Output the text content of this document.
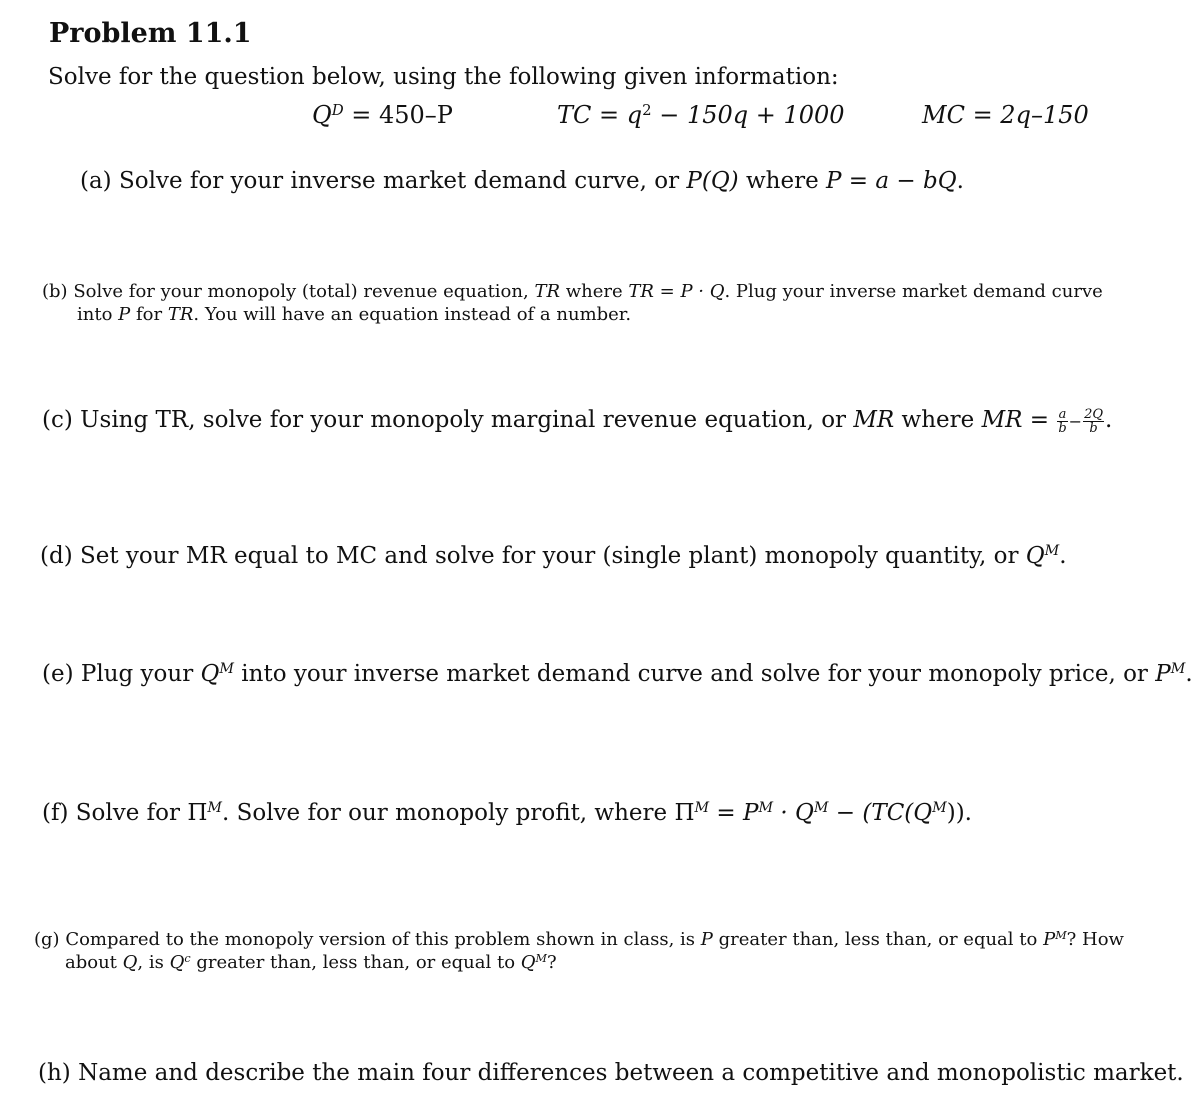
Problem 11.1
Solve for the question below, using the following given information:
$Q^D = 450-P$	TC = $q^2 - 150q + 1000$	MC = 2q–150
(a) Solve for your inverse market demand curve, or P(Q) where P = a − bQ.
(b) Solve for your monopoly (total) revenue equation, TR where TR = P · Q. Plug your inverse market demand curve
into P for TR. You will have an equation instead of a number.
(c) Using TR, solve for your monopoly marginal revenue equation, or MR where MR = $\frac{a}{b} - \frac{2Q}{b}$ .
(d) Set your MR equal to MC and solve for your (single plant) monopoly quantity, or $Q^M$.
(e) Plug your $Q^M$ into your inverse market demand curve and solve for your monopoly price, or $P^M$.
(f) Solve for $\Pi^M$. Solve for our monopoly profit, where $\Pi^M = P^M \cdot Q^M - (TC(Q^M))$.
(g) Compared to the monopoly version of this problem shown in class, is P greater than, less than, or equal to $P^M$? How
about Q, is $Q^c$ greater than, less than, or equal to $Q^M$?
(h) Name and describe the main four differences between a competitive and monopolistic market.
